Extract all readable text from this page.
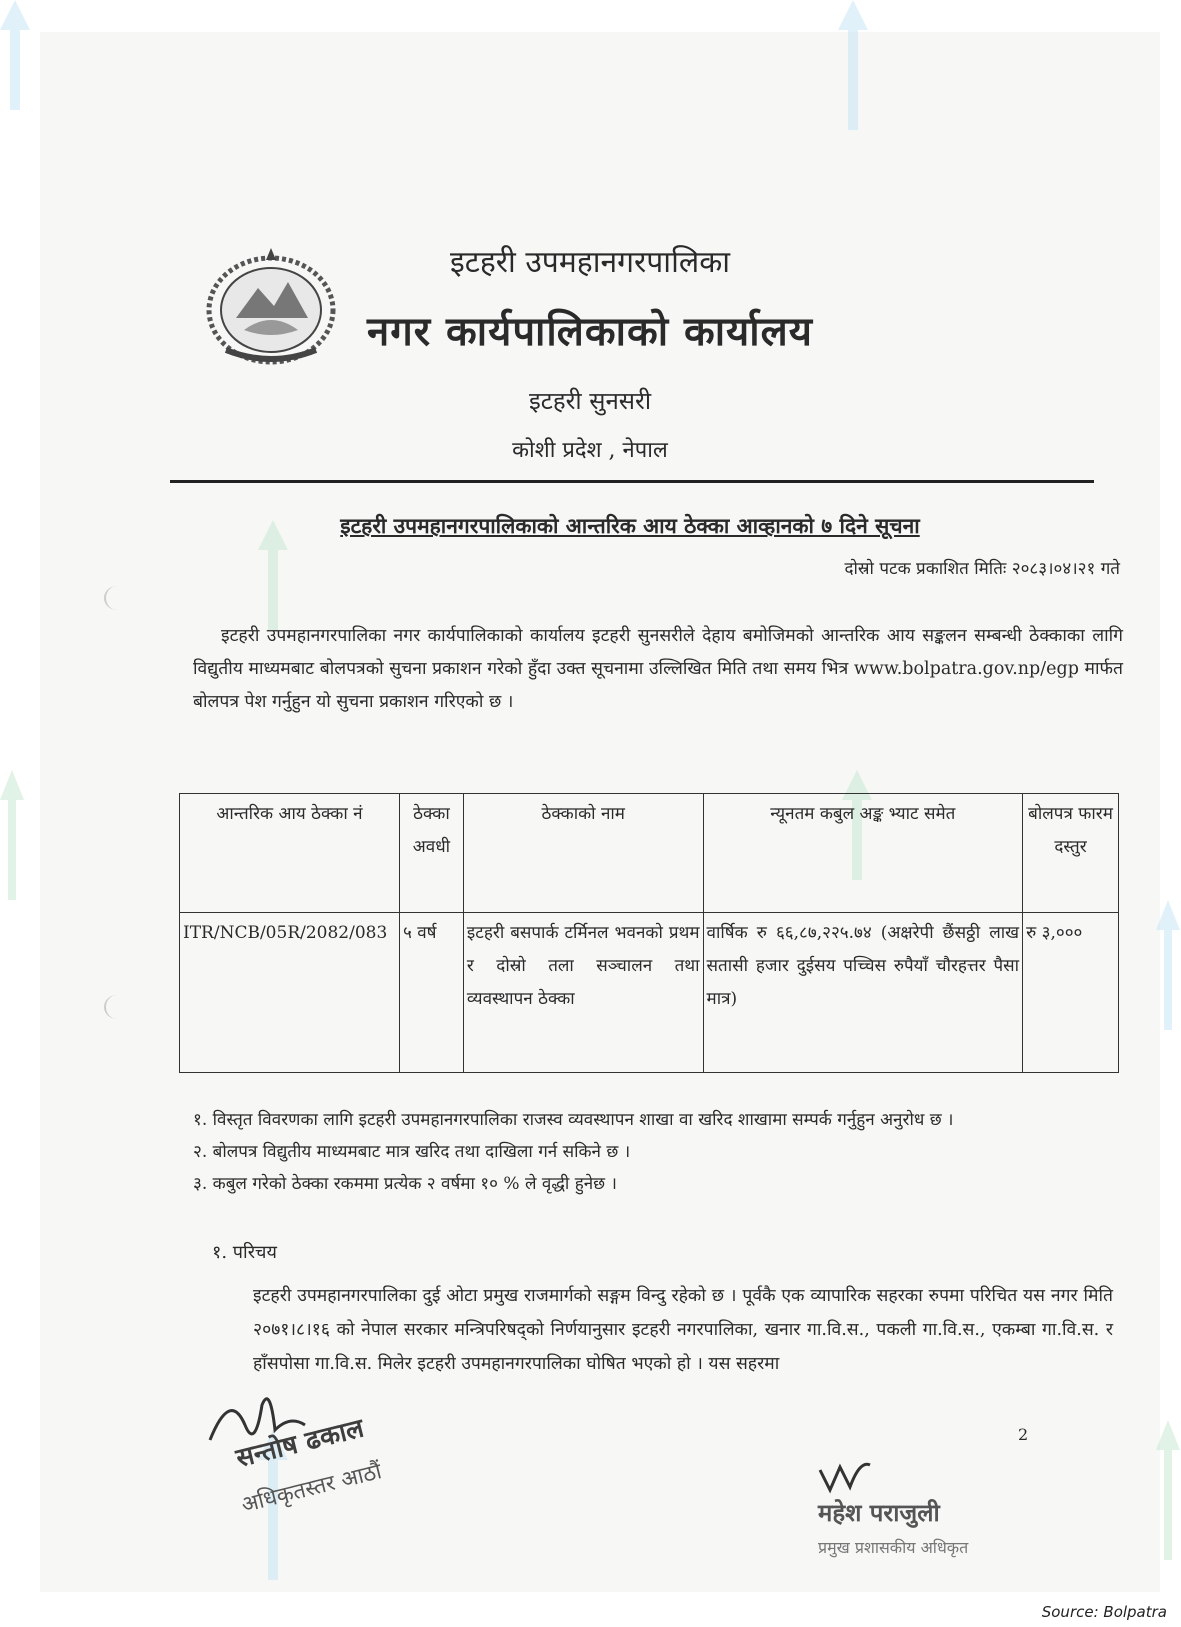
इटहरी उपमहानगरपालिका
नगर कार्यपालिकाको कार्यालय
इटहरी सुनसरी
कोशी प्रदेश , नेपाल
इटहरी उपमहानगरपालिकाको आन्तरिक आय ठेक्का आव्हानको ७ दिने सूचना
दोस्रो पटक प्रकाशित मितिः २०८३।०४।२१ गते
इटहरी उपमहानगरपालिका नगर कार्यपालिकाको कार्यालय इटहरी सुनसरीले देहाय बमोजिमको आन्तरिक आय सङ्कलन सम्बन्धी ठेक्काका लागि विद्युतीय माध्यमबाट बोलपत्रको सुचना प्रकाशन गरेको हुँदा उक्त सूचनामा उल्लिखित मिति तथा समय भित्र www.bolpatra.gov.np/egp मार्फत बोलपत्र पेश गर्नुहुन यो सुचना प्रकाशन गरिएको छ ।
आन्तरिक आय ठेक्का नं	ठेक्का अवधी	ठेक्काको नाम	न्यूनतम कबुल अङ्क भ्याट समेत	बोलपत्र फारम दस्तुर
ITR/NCB/05R/2082/083	५ वर्ष	इटहरी बसपार्क टर्मिनल भवनको प्रथम र दोस्रो तला सञ्चालन तथा व्यवस्थापन ठेक्का	वार्षिक रु ६६,८७,२२५.७४ (अक्षरेपी छैंसठ्ठी लाख सतासी हजार दुईसय पच्चिस रुपैयाँ चौरहत्तर पैसा मात्र)	रु ३,०००

१. विस्तृत विवरणका लागि इटहरी उपमहानगरपालिका राजस्व व्यवस्थापन शाखा वा खरिद शाखामा सम्पर्क गर्नुहुन अनुरोध छ ।

२. बोलपत्र विद्युतीय माध्यमबाट मात्र खरिद तथा दाखिला गर्न सकिने छ ।

३. कबुल गरेको ठेक्का रकममा प्रत्येक २ वर्षमा १० % ले वृद्धी हुनेछ ।

१. परिचय
इटहरी उपमहानगरपालिका दुई ओटा प्रमुख राजमार्गको सङ्गम विन्दु रहेको छ । पूर्वकै एक व्यापारिक सहरका रुपमा परिचित यस नगर मिति २०७१।८।१६ को नेपाल सरकार मन्त्रिपरिषद्को निर्णयानुसार इटहरी नगरपालिका, खनार गा.वि.स., पकली गा.वि.स., एकम्बा गा.वि.स. र हाँसपोसा गा.वि.स. मिलेर इटहरी उपमहानगरपालिका घोषित भएको हो । यस सहरमा
2
सन्तोष ढकाल
अधिकृतस्तर आठौं	महेश पराजुली
प्रमुख प्रशासकीय अधिकृत
Source: Bolpatra
